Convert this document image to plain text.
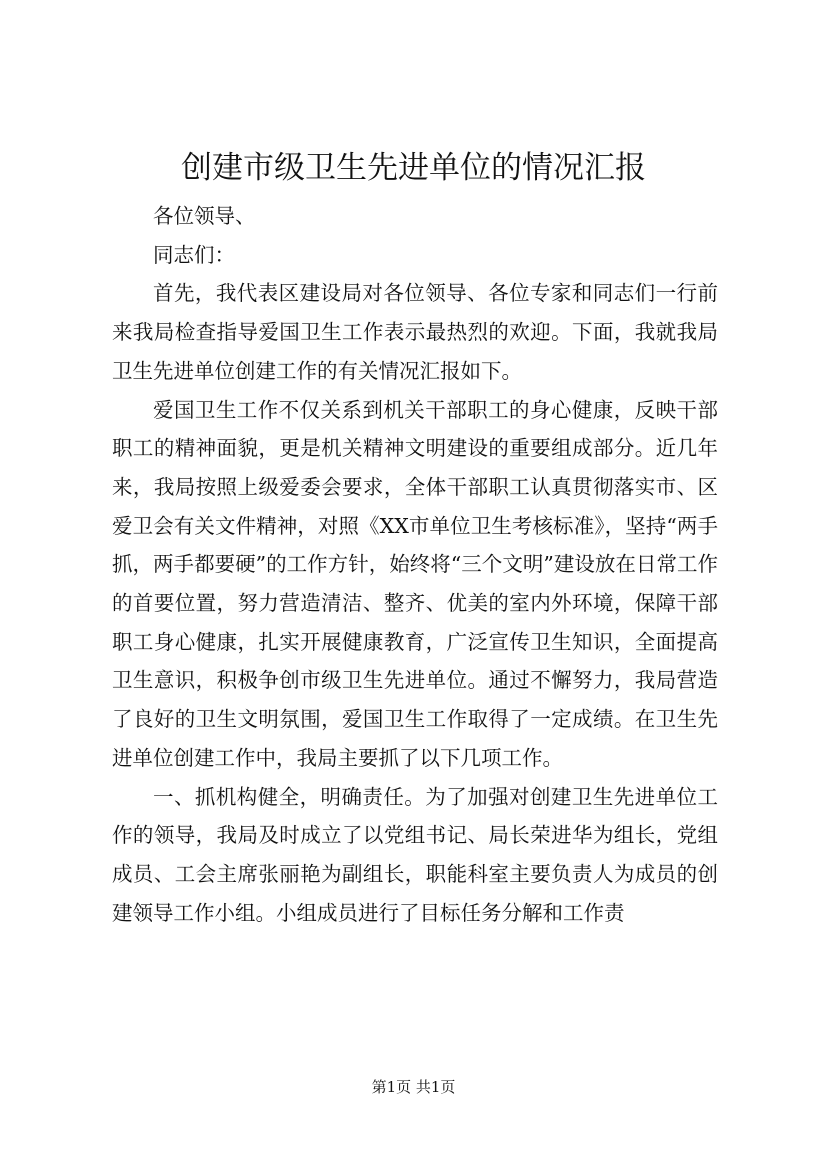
创建市级卫生先进单位的情况汇报

各位领导、

同志们：

首先，我代表区建设局对各位领导、各位专家和同志们一行前来我局检查指导爱国卫生工作表示最热烈的欢迎。下面，我就我局卫生先进单位创建工作的有关情况汇报如下。

爱国卫生工作不仅关系到机关干部职工的身心健康，反映干部职工的精神面貌，更是机关精神文明建设的重要组成部分。近几年来，我局按照上级爱委会要求，全体干部职工认真贯彻落实市、区爱卫会有关文件精神，对照《XX市单位卫生考核标准》，坚持“两手抓，两手都要硬”的工作方针，始终将“三个文明”建设放在日常工作的首要位置，努力营造清洁、整齐、优美的室内外环境，保障干部职工身心健康，扎实开展健康教育，广泛宣传卫生知识，全面提高卫生意识，积极争创市级卫生先进单位。通过不懈努力，我局营造了良好的卫生文明氛围，爱国卫生工作取得了一定成绩。在卫生先进单位创建工作中，我局主要抓了以下几项工作。

一、抓机构健全，明确责任。为了加强对创建卫生先进单位工作的领导，我局及时成立了以党组书记、局长荣进华为组长，党组成员、工会主席张丽艳为副组长，职能科室主要负责人为成员的创建领导工作小组。小组成员进行了目标任务分解和工作责

第1页 共1页
